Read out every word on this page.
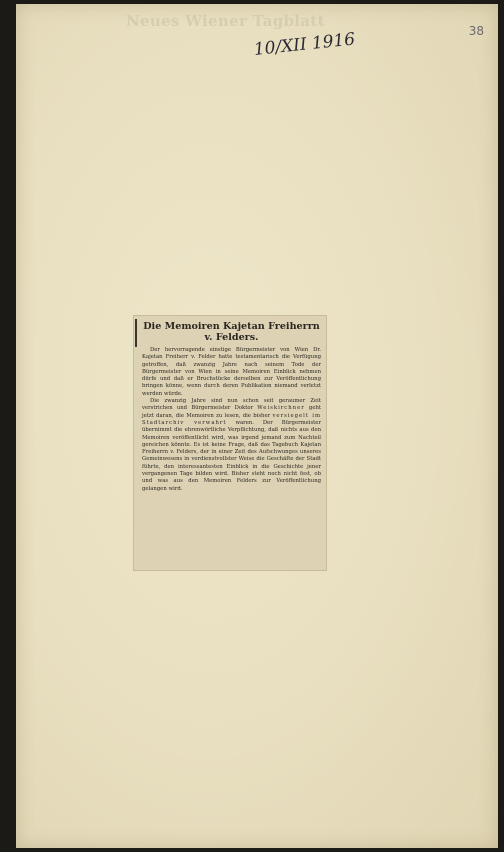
Neues Wiener Tagblatt
38
10/XII 1916
Die Memoiren Kajetan Freiherrn
v. Felders.

Der hervorragende einstige Bürgermeister von Wien Dr. Kajetan Freiherr v. Felder hatte testamentarisch die Verfügung getroffen, daß zwanzig Jahre nach seinem Tode der Bürgermeister von Wien in seine Memoiren Einblick nehmen dürfe und daß er Bruchstücke derselben zur Veröffentlichung bringen könne, wenn durch deren Publikation niemand verletzt werden würde.

Die zwanzig Jahre sind nun schon seit geraumer Zeit verstrichen und Bürgermeister Doktor Weiskirchner geht jetzt daran, die Memoiren zu lesen, die bisher versiegelt im Stadtarchiv verwahrt waren. Der Bürgermeister übernimmt die ehrenwörtliche Verpflichtung, daß nichts aus den Memoiren veröffentlicht wird, was irgend jemand zum Nachteil gereichen könnte. Es ist keine Frage, daß das Tagebuch Kajetan Freiherrn v. Felders, der in einer Zeit des Aufschwunges unseres Gemeinwesens in verdienstvollster Weise die Geschäfte der Stadt führte, den interessantesten Einblick in die Geschichte jener vergangenen Tage bilden wird. Bisher steht noch nicht fest, ob und was aus den Memoiren Felders zur Veröffentlichung gelangen wird.
